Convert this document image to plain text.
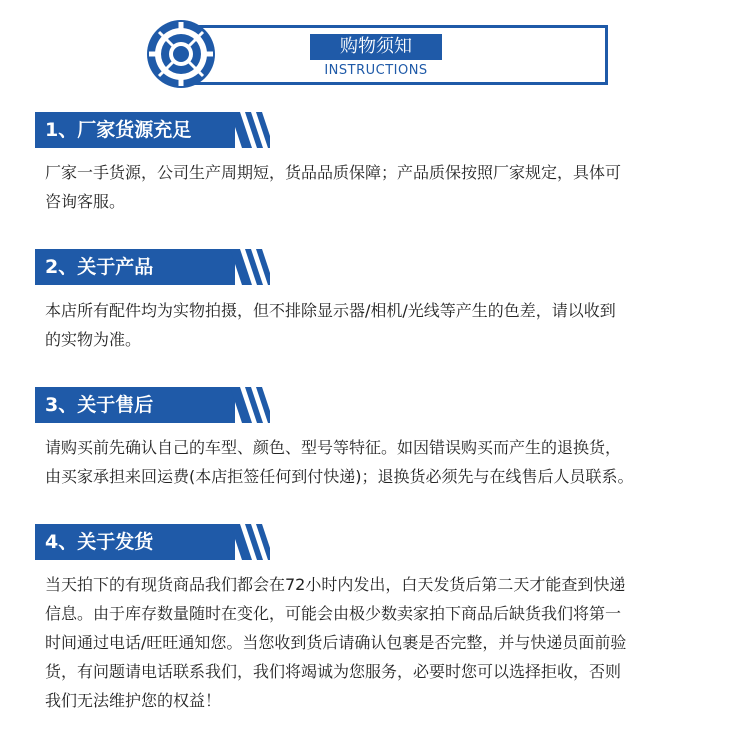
购物须知
INSTRUCTIONS
1、厂家货源充足
厂家一手货源，公司生产周期短，货品品质保障；产品质保按照厂家规定，具体可
咨询客服。
2、关于产品
本店所有配件均为实物拍摄，但不排除显示器/相机/光线等产生的色差，请以收到
的实物为准。
3、关于售后
请购买前先确认自己的车型、颜色、型号等特征。如因错误购买而产生的退换货，
由买家承担来回运费(本店拒签任何到付快递)；退换货必须先与在线售后人员联系。
4、关于发货
当天拍下的有现货商品我们都会在72小时内发出，白天发货后第二天才能查到快递
信息。由于库存数量随时在变化，可能会由极少数卖家拍下商品后缺货我们将第一
时间通过电话/旺旺通知您。当您收到货后请确认包裹是否完整，并与快递员面前验
货，有问题请电话联系我们，我们将竭诚为您服务，必要时您可以选择拒收，否则
我们无法维护您的权益！
